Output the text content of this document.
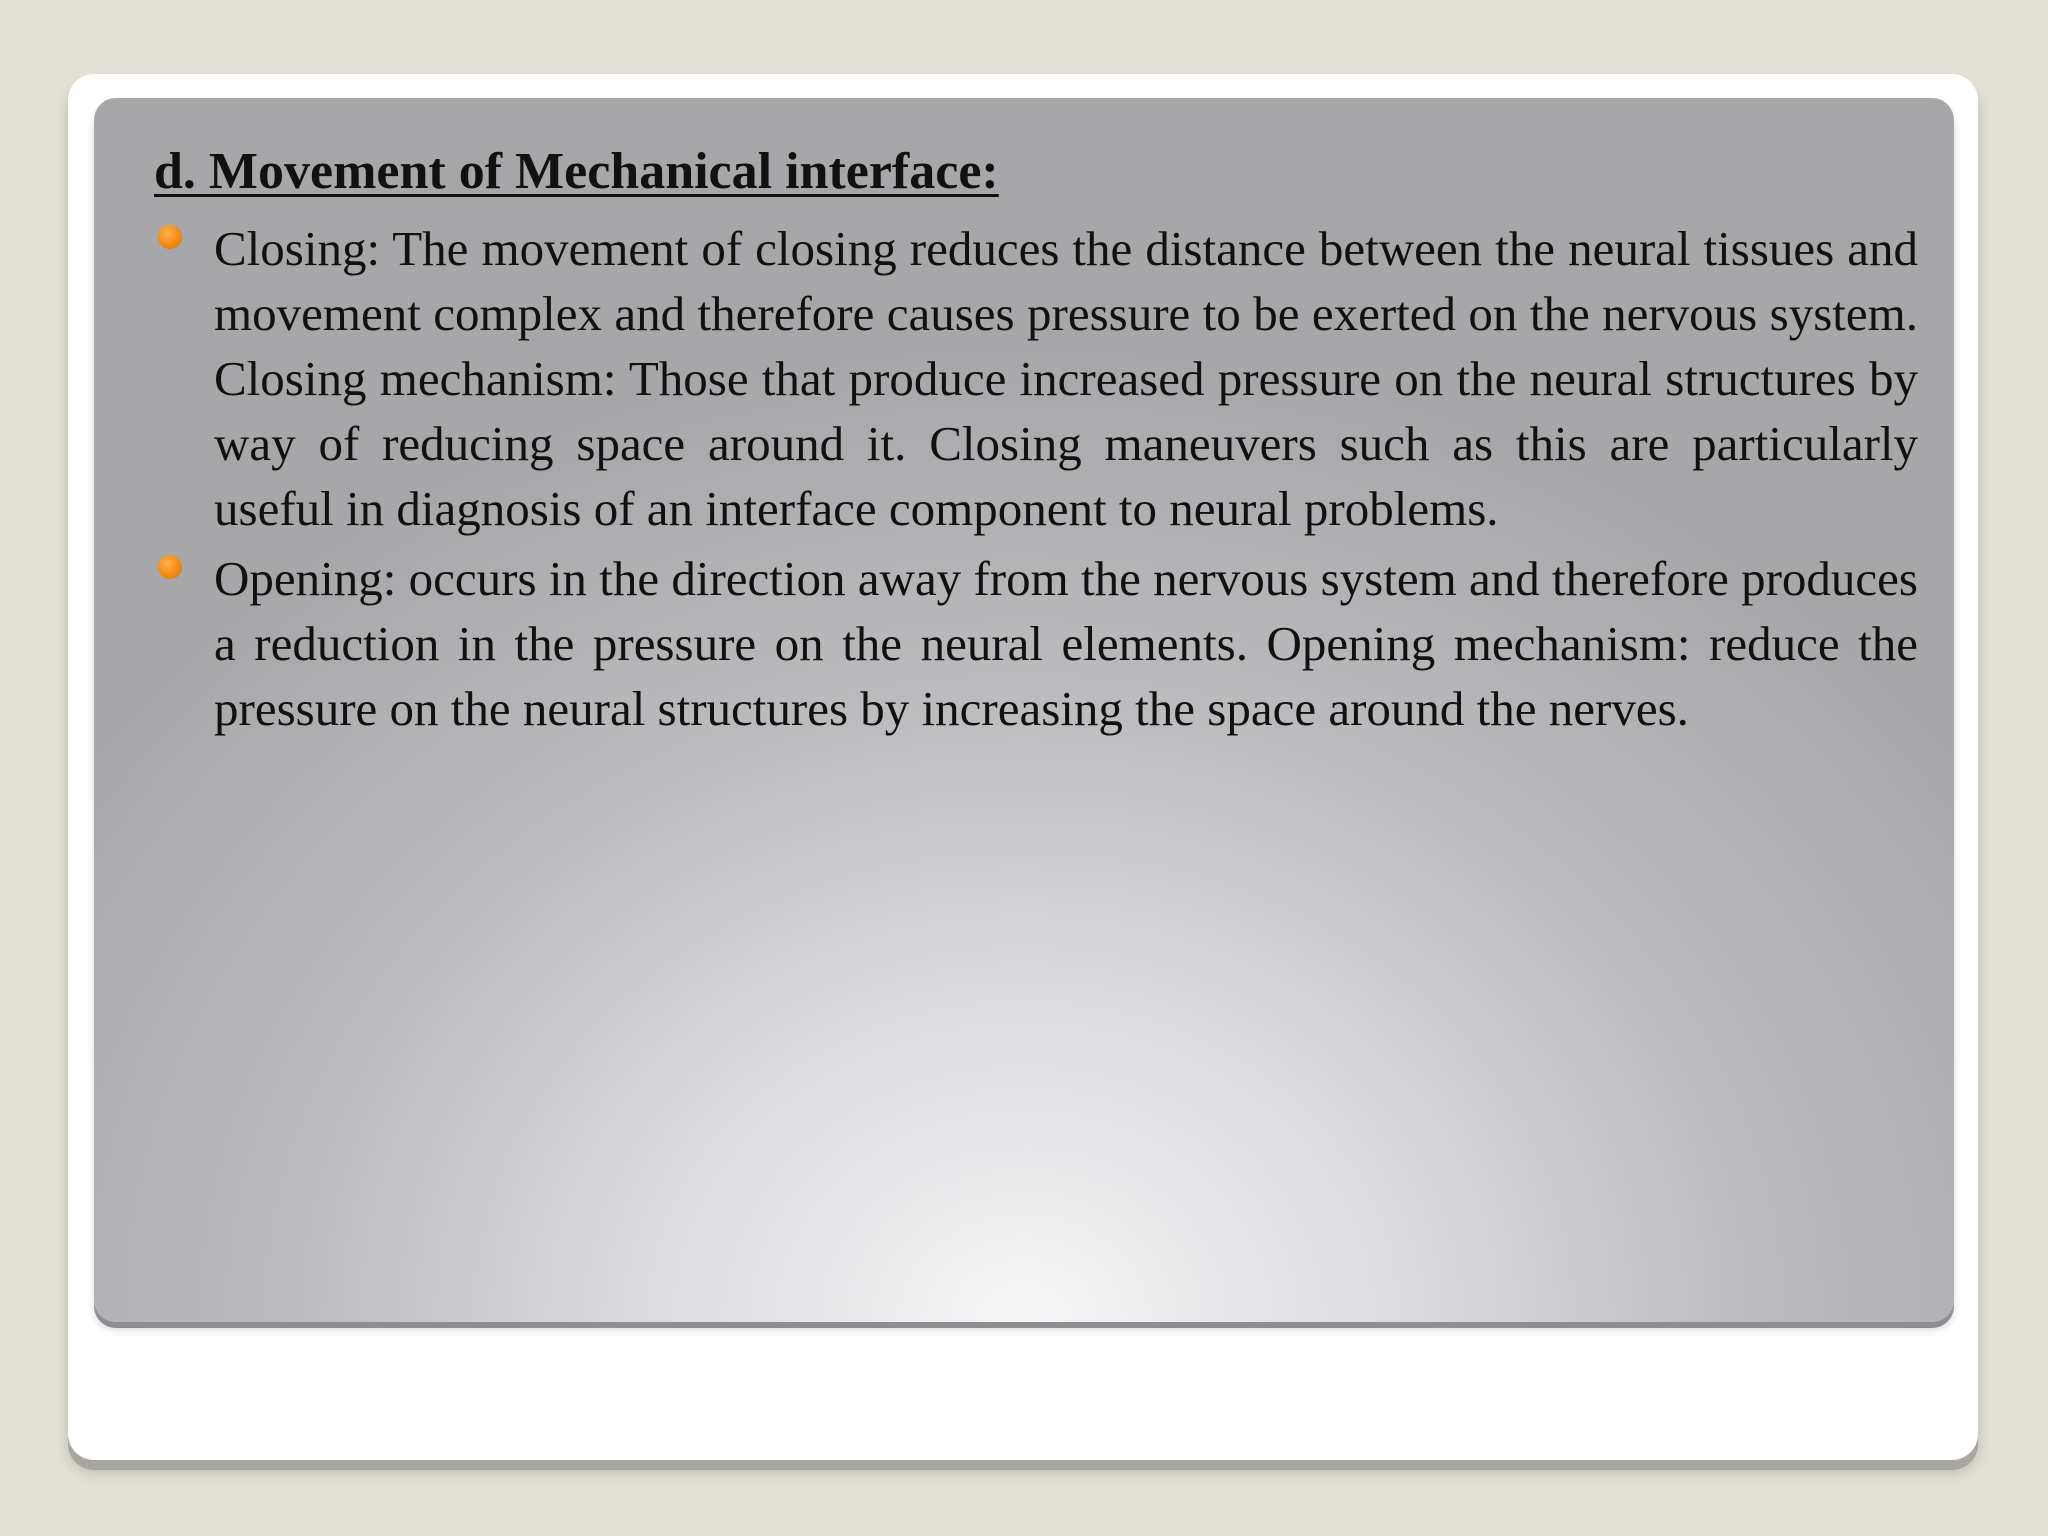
d. Movement of Mechanical interface:
Closing: The movement of closing reduces the distance between the neural tissues and movement complex and therefore causes pressure to be exerted on the nervous system. Closing mechanism: Those that produce increased pressure on the neural structures by way of reducing space around it. Closing maneuvers such as this are particularly useful in diagnosis of an interface component to neural problems.
Opening: occurs in the direction away from the nervous system and therefore produces a reduction in the pressure on the neural elements. Opening mechanism: reduce the pressure on the neural structures by increasing the space around the nerves.
